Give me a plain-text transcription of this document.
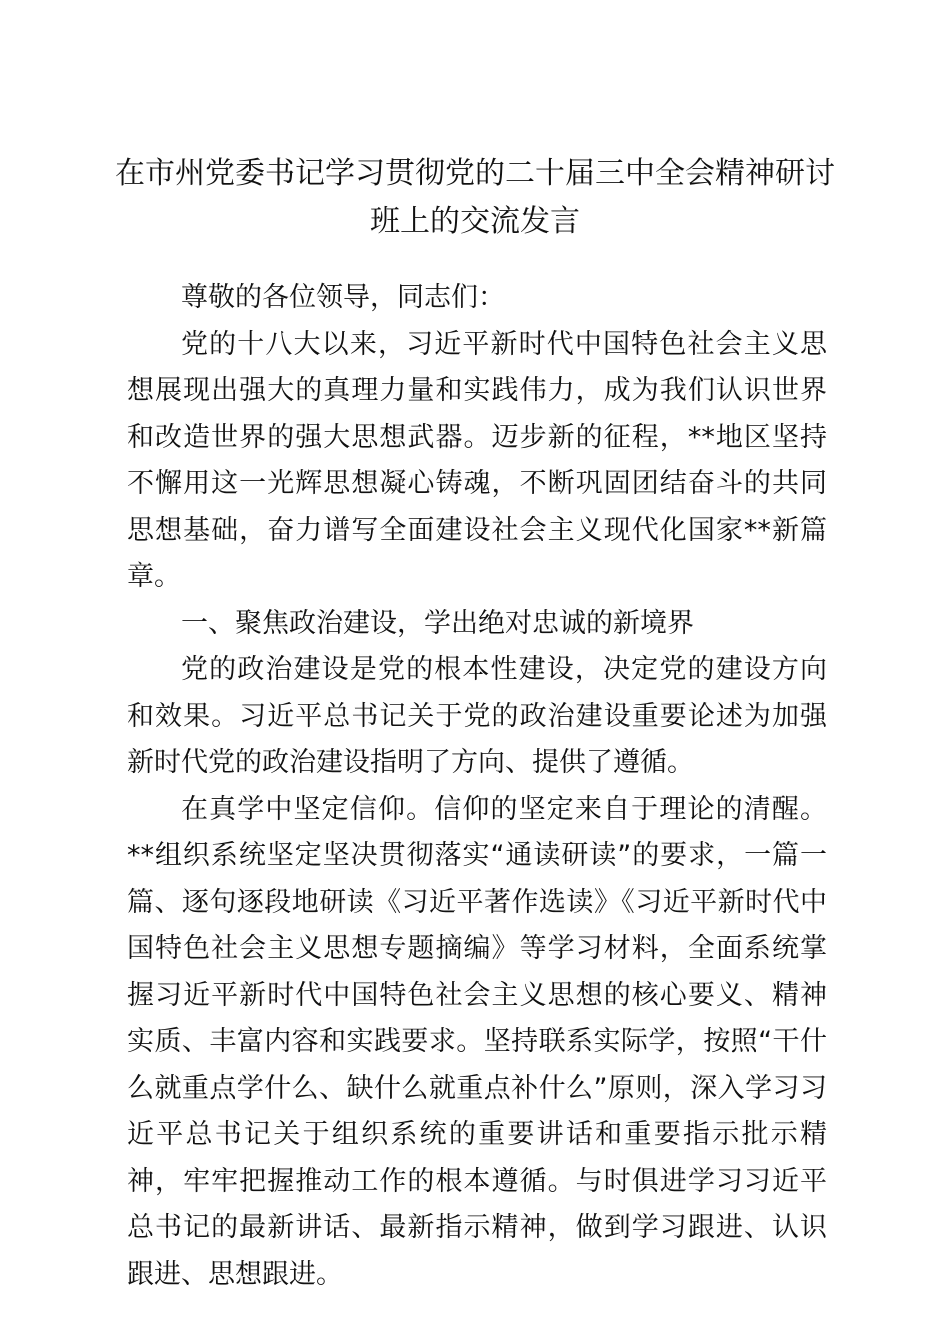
在市州党委书记学习贯彻党的二十届三中全会精神研讨班上的交流发言

尊敬的各位领导，同志们：

党的十八大以来，习近平新时代中国特色社会主义思想展现出强大的真理力量和实践伟力，成为我们认识世界和改造世界的强大思想武器。迈步新的征程，**地区坚持不懈用这一光辉思想凝心铸魂，不断巩固团结奋斗的共同思想基础，奋力谱写全面建设社会主义现代化国家**新篇章。

一、聚焦政治建设，学出绝对忠诚的新境界

党的政治建设是党的根本性建设，决定党的建设方向和效果。习近平总书记关于党的政治建设重要论述为加强新时代党的政治建设指明了方向、提供了遵循。

在真学中坚定信仰。信仰的坚定来自于理论的清醒。**组织系统坚定坚决贯彻落实“通读研读”的要求，一篇一篇、逐句逐段地研读《习近平著作选读》《习近平新时代中国特色社会主义思想专题摘编》等学习材料，全面系统掌握习近平新时代中国特色社会主义思想的核心要义、精神实质、丰富内容和实践要求。坚持联系实际学，按照“干什么就重点学什么、缺什么就重点补什么”原则，深入学习习近平总书记关于组织系统的重要讲话和重要指示批示精神，牢牢把握推动工作的根本遵循。与时俱进学习习近平总书记的最新讲话、最新指示精神，做到学习跟进、认识跟进、思想跟进。
